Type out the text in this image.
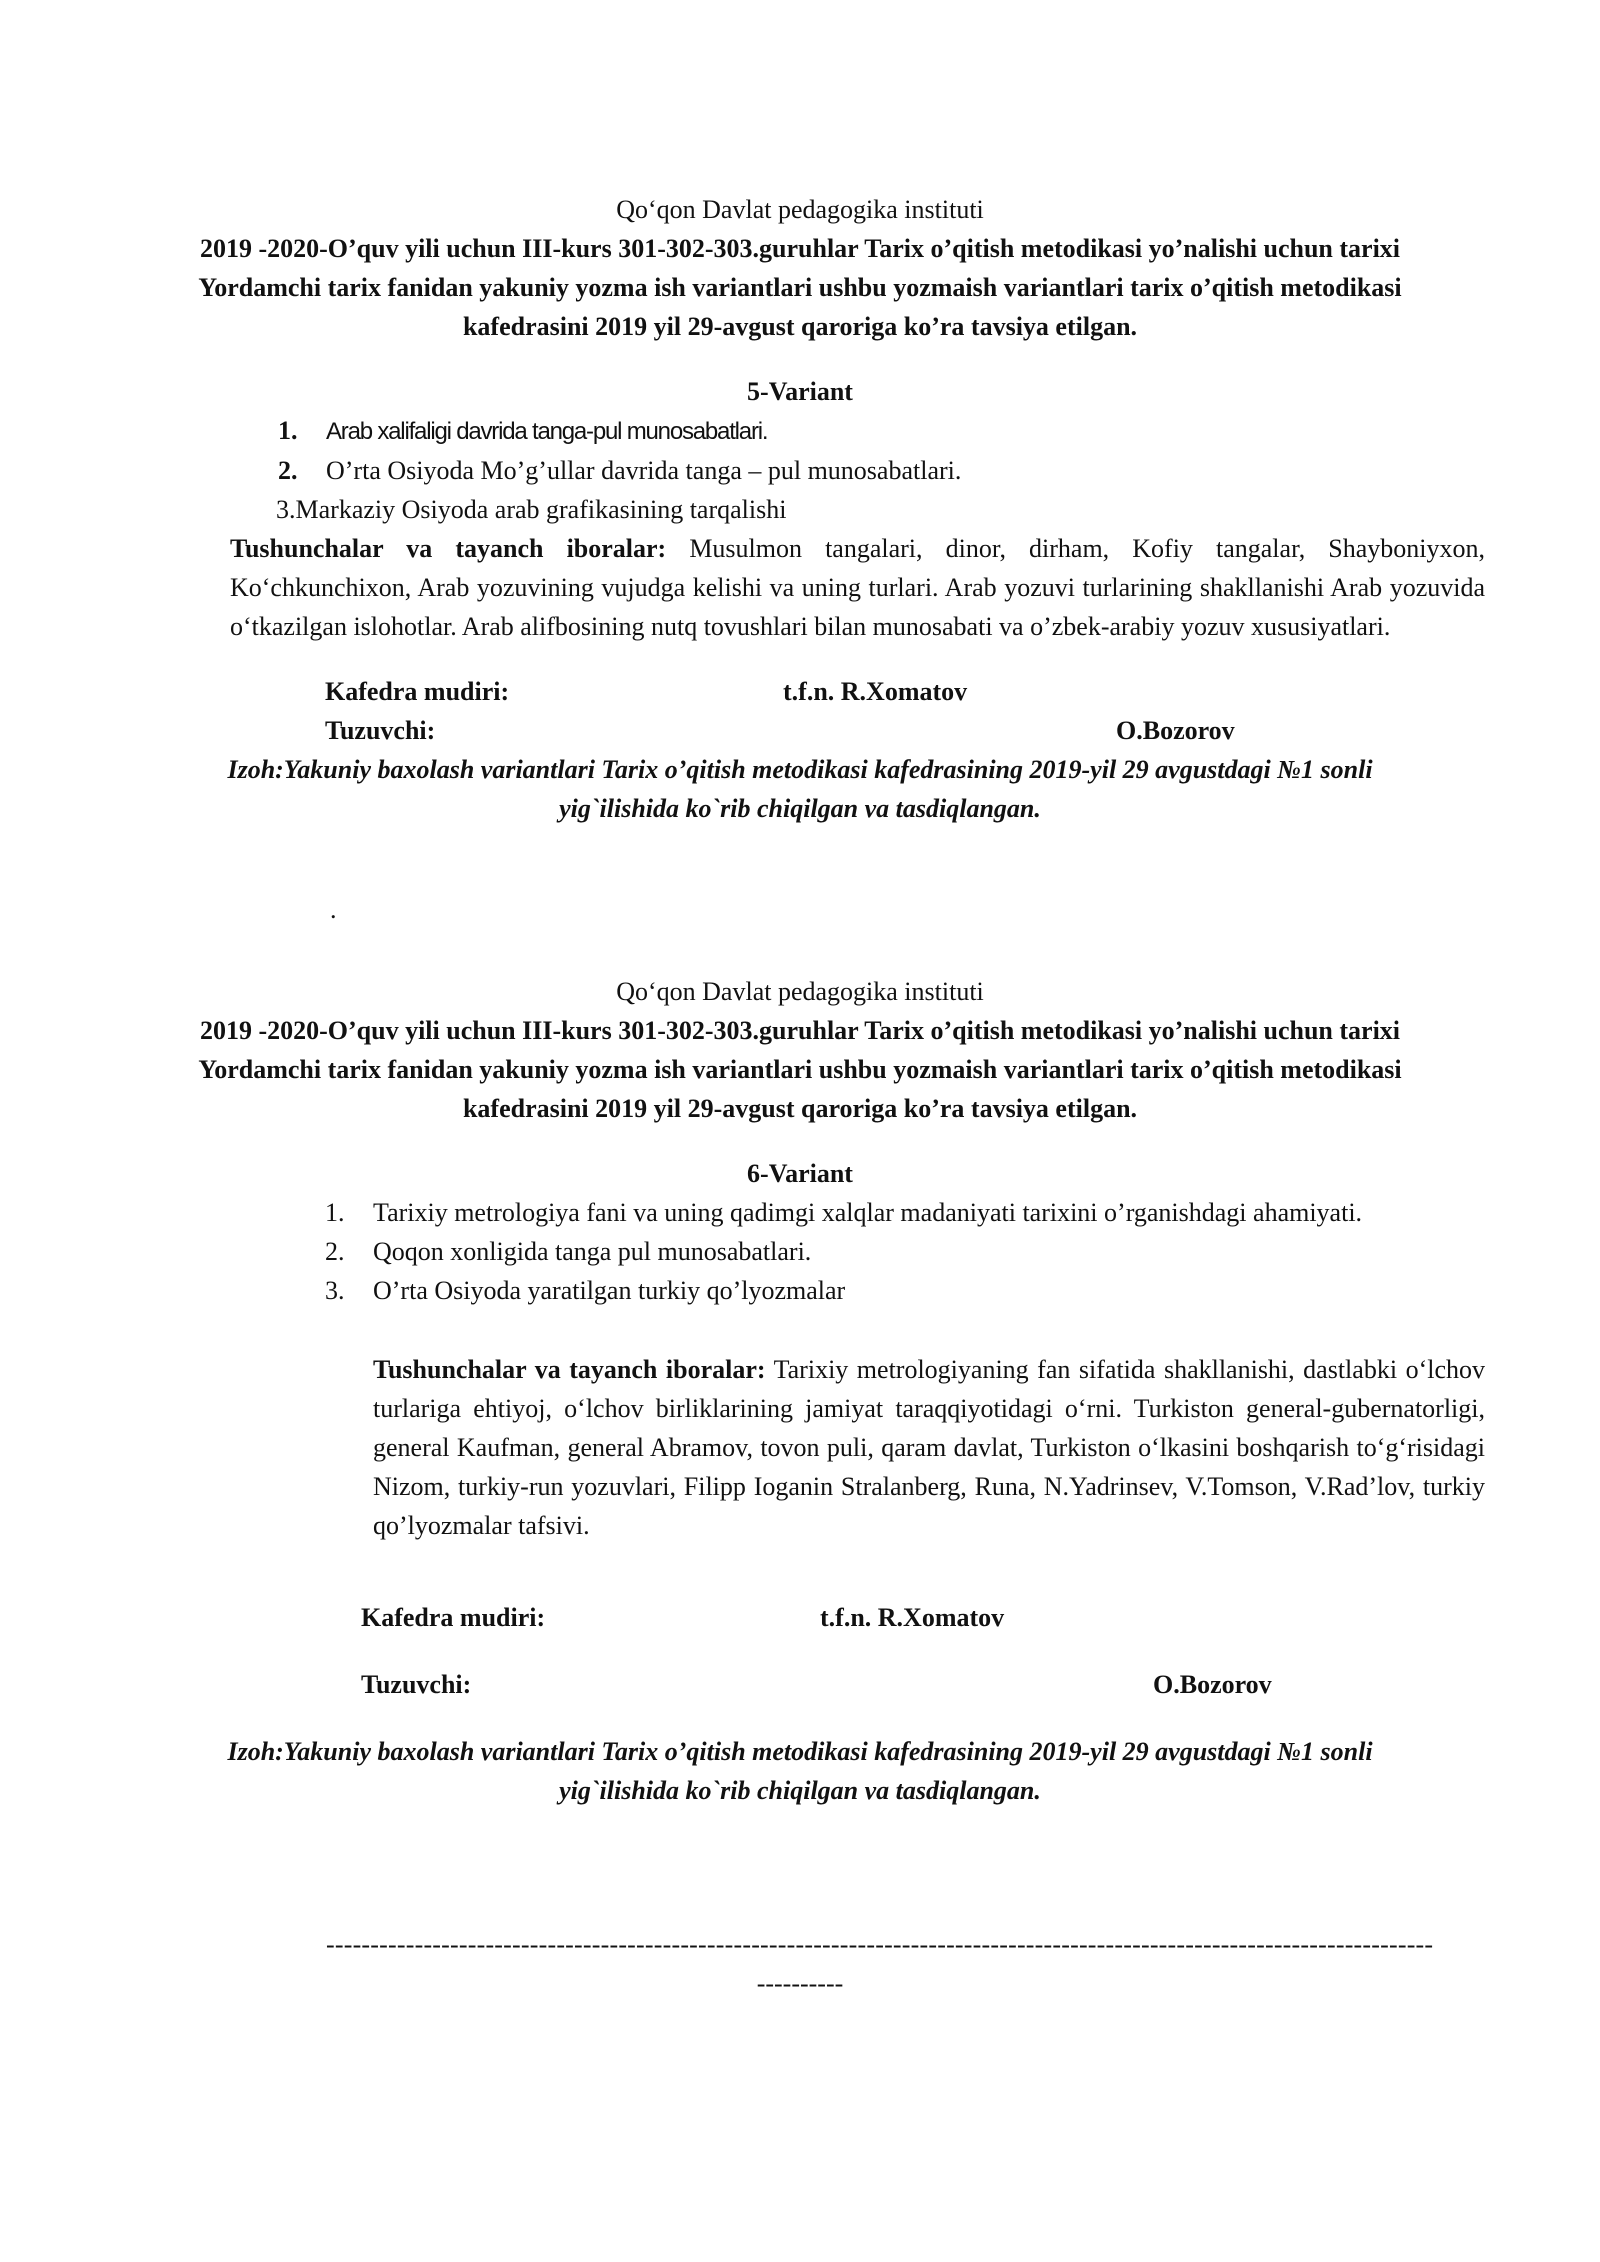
Qo‘qon Davlat pedagogika instituti
2019 -2020-O’quv yili uchun III-kurs 301-302-303.guruhlar Tarix o’qitish metodikasi yo’nalishi uchun tarixi Yordamchi tarix fanidan yakuniy yozma ish variantlari ushbu yozmaish variantlari tarix o’qitish metodikasi kafedrasini 2019 yil 29-avgust qaroriga ko’ra tavsiya etilgan.
5-Variant
1. Arab xalifaligi davrida tanga-pul munosabatlari.
2. O’rta Osiyoda Mo’g’ullar davrida tanga – pul munosabatlari.
3.Markaziy Osiyoda arab grafikasining tarqalishi
Tushunchalar va tayanch iboralar: Musulmon tangalari, dinor, dirham, Kofiy tangalar, Shayboniyxon, Ko‘chkunchixon, Arab yozuvining vujudga kelishi va uning turlari. Arab yozuvi turlarining shakllanishi Arab yozuvida o‘tkazilgan islohotlar. Arab alifbosining nutq tovushlari bilan munosabati va o’zbek-arabiy yozuv xususiyatlari.
Kafedra mudiri:	t.f.n. R.Xomatov
Tuzuvchi:	O.Bozorov
Izoh:Yakuniy baxolash variantlari Tarix o’qitish metodikasi kafedrasining 2019-yil 29 avgustdagi №1 sonli yig`ilishida ko`rib chiqilgan va tasdiqlangan.
.
Qo‘qon Davlat pedagogika instituti
2019 -2020-O’quv yili uchun III-kurs 301-302-303.guruhlar Tarix o’qitish metodikasi yo’nalishi uchun tarixi Yordamchi tarix fanidan yakuniy yozma ish variantlari ushbu yozmaish variantlari tarix o’qitish metodikasi kafedrasini 2019 yil 29-avgust qaroriga ko’ra tavsiya etilgan.
6-Variant
1. Tarixiy metrologiya fani va uning qadimgi xalqlar madaniyati tarixini o’rganishdagi ahamiyati.
2. Qoqon xonligida tanga pul munosabatlari.
3. O’rta Osiyoda yaratilgan turkiy qo’lyozmalar
Tushunchalar va tayanch iboralar: Tarixiy metrologiyaning fan sifatida shakllanishi, dastlabki o‘lchov turlariga ehtiyoj, o‘lchov birliklarining jamiyat taraqqiyotidagi o‘rni. Turkiston general-gubernatorligi, general Kaufman, general Abramov, tovon puli, qaram davlat, Turkiston o‘lkasini boshqarish to‘g‘risidagi Nizom, turkiy-run yozuvlari, Filipp Ioganin Stralanberg, Runa, N.Yadrinsev, V.Tomson, V.Rad’lov, turkiy qo’lyozmalar tafsivi.
Kafedra mudiri:	t.f.n. R.Xomatov
Tuzuvchi:	O.Bozorov
Izoh:Yakuniy baxolash variantlari Tarix o’qitish metodikasi kafedrasining 2019-yil 29 avgustdagi №1 sonli yig`ilishida ko`rib chiqilgan va tasdiqlangan.
-----------------------------------------------------------------------------------------------------------------------------
----------
